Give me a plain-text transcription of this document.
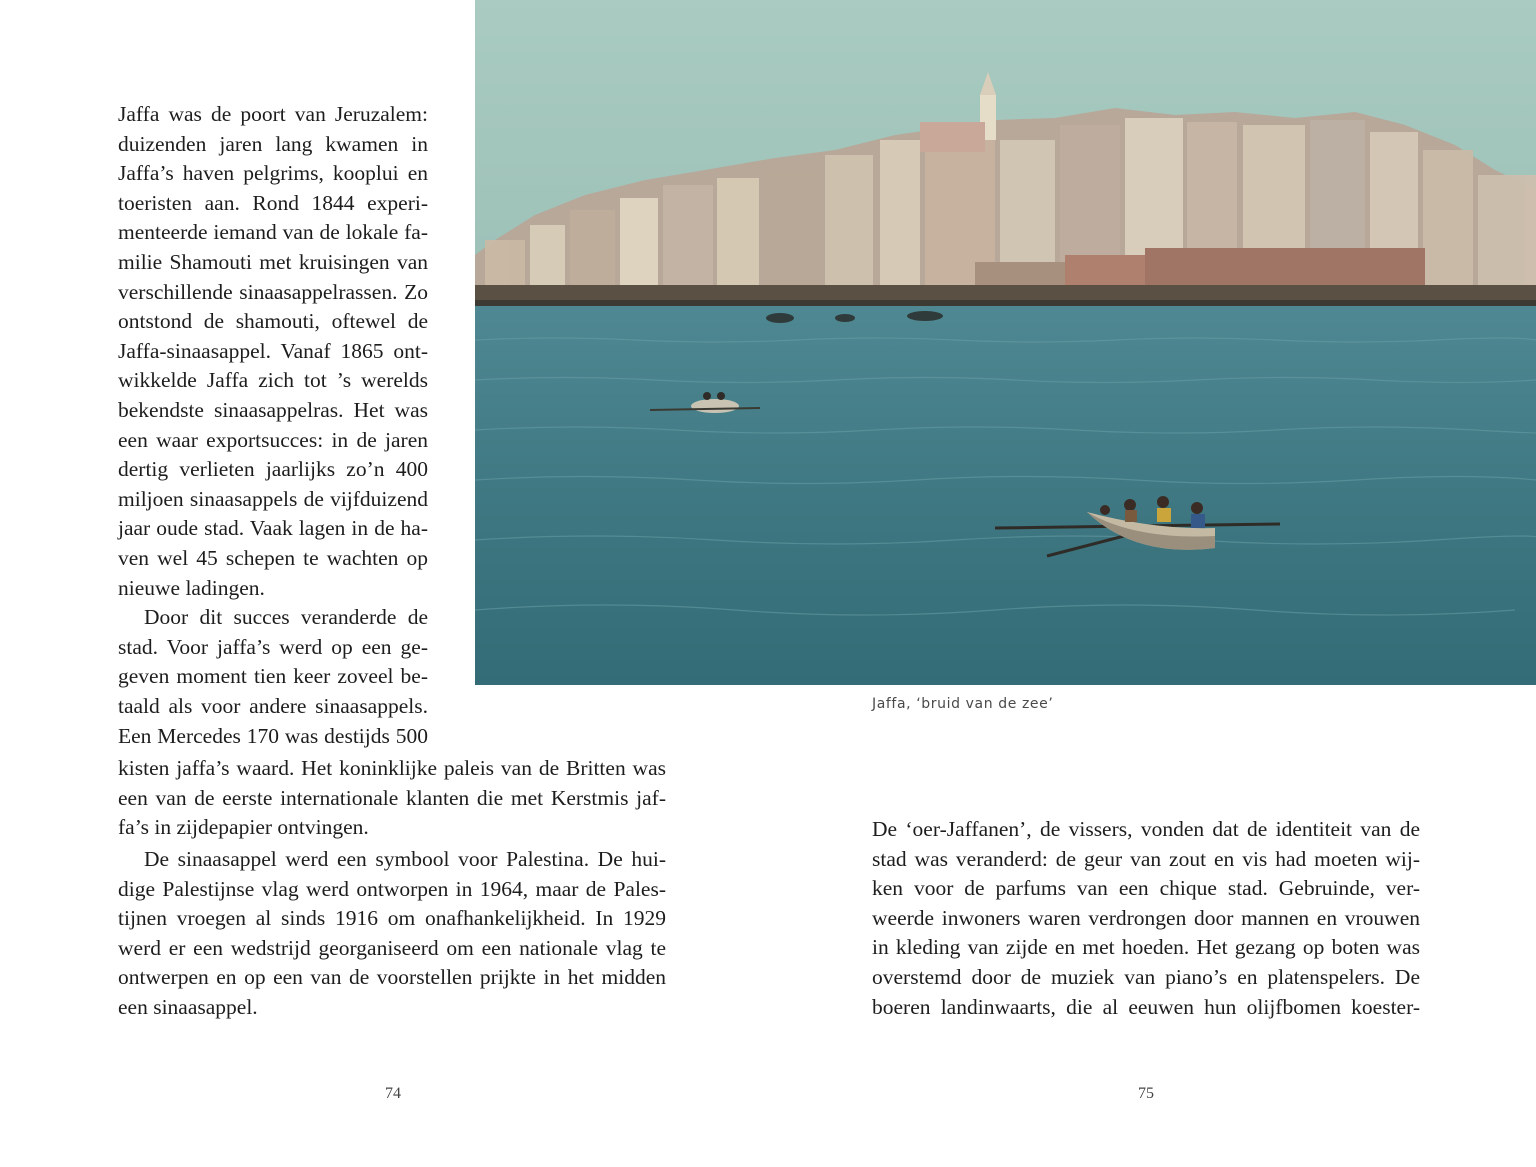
Jaffa was de poort van Jeruzalem:
duizenden jaren lang kwamen in
Jaffa’s haven pelgrims, kooplui en
toeristen aan. Rond 1844 experi-
menteerde iemand van de lokale fa-
milie Shamouti met kruisingen van
verschillende sinaasappelrassen. Zo
ontstond de shamouti, oftewel de
Jaffa-sinaasappel. Vanaf 1865 ont-
wikkelde Jaffa zich tot ’s werelds
bekendste sinaasappelras. Het was
een waar exportsucces: in de jaren
dertig verlieten jaarlijks zo’n 400
miljoen sinaasappels de vijfduizend
jaar oude stad. Vaak lagen in de ha-
ven wel 45 schepen te wachten op
nieuwe ladingen.
Door dit succes veranderde de
stad. Voor jaffa’s werd op een ge-
geven moment tien keer zoveel be-
taald als voor andere sinaasappels.
Een Mercedes 170 was destijds 500
kisten jaffa’s waard. Het koninklijke paleis van de Britten was
een van de eerste internationale klanten die met Kerstmis jaf-
fa’s in zijdepapier ontvingen.
De sinaasappel werd een symbool voor Palestina. De hui-
dige Palestijnse vlag werd ontworpen in 1964, maar de Pales-
tijnen vroegen al sinds 1916 om onafhankelijkheid. In 1929
werd er een wedstrijd georganiseerd om een nationale vlag te
ontwerpen en op een van de voorstellen prijkte in het midden
een sinaasappel.
74
Jaffa, ‘bruid van de zee’
De ‘oer-Jaffanen’, de vissers, vonden dat de identiteit van de
stad was veranderd: de geur van zout en vis had moeten wij-
ken voor de parfums van een chique stad. Gebruinde, ver-
weerde inwoners waren verdrongen door mannen en vrouwen
in kleding van zijde en met hoeden. Het gezang op boten was
overstemd door de muziek van piano’s en platenspelers. De
boeren landinwaarts, die al eeuwen hun olijfbomen koester-
75
